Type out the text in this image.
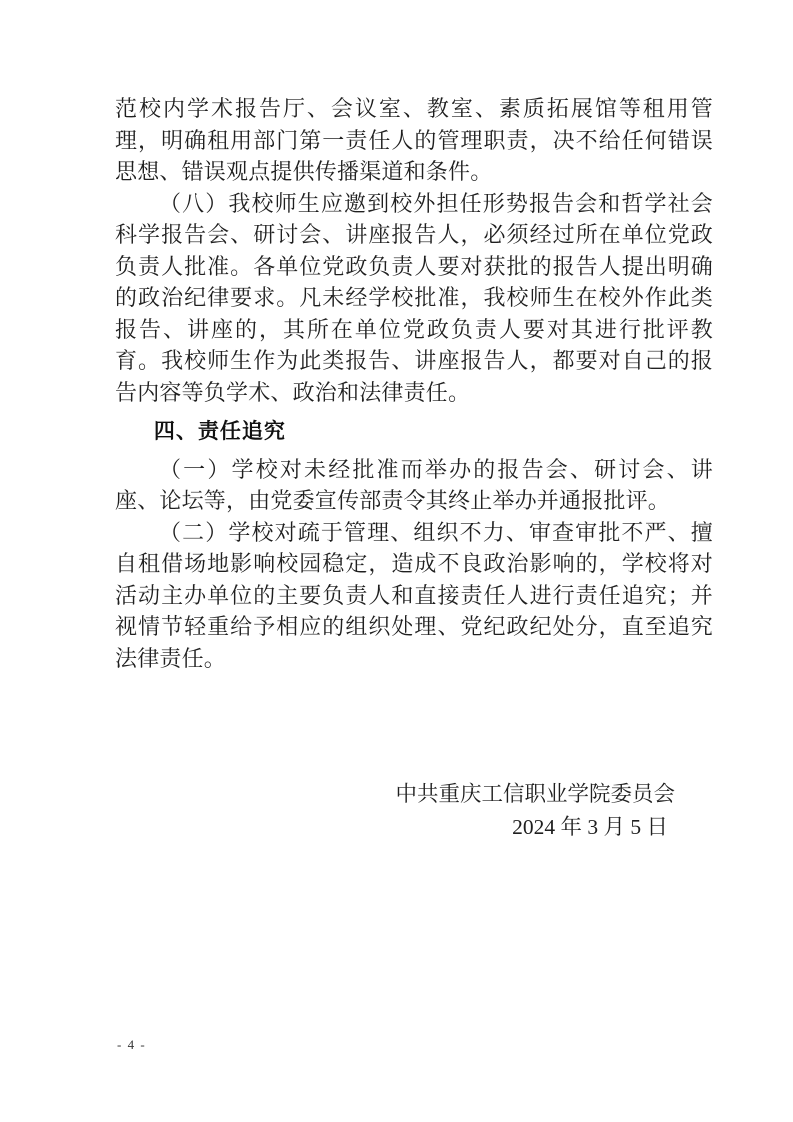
范校内学术报告厅、会议室、教室、素质拓展馆等租用管理，明确租用部门第一责任人的管理职责，决不给任何错误思想、错误观点提供传播渠道和条件。

（八）我校师生应邀到校外担任形势报告会和哲学社会科学报告会、研讨会、讲座报告人，必须经过所在单位党政负责人批准。各单位党政负责人要对获批的报告人提出明确的政治纪律要求。凡未经学校批准，我校师生在校外作此类报告、讲座的，其所在单位党政负责人要对其进行批评教育。我校师生作为此类报告、讲座报告人，都要对自己的报告内容等负学术、政治和法律责任。

四、责任追究

（一）学校对未经批准而举办的报告会、研讨会、讲座、论坛等，由党委宣传部责令其终止举办并通报批评。

（二）学校对疏于管理、组织不力、审查审批不严、擅自租借场地影响校园稳定，造成不良政治影响的，学校将对活动主办单位的主要负责人和直接责任人进行责任追究；并视情节轻重给予相应的组织处理、党纪政纪处分，直至追究法律责任。

中共重庆工信职业学院委员会
2024 年 3 月 5 日
- 4 -
